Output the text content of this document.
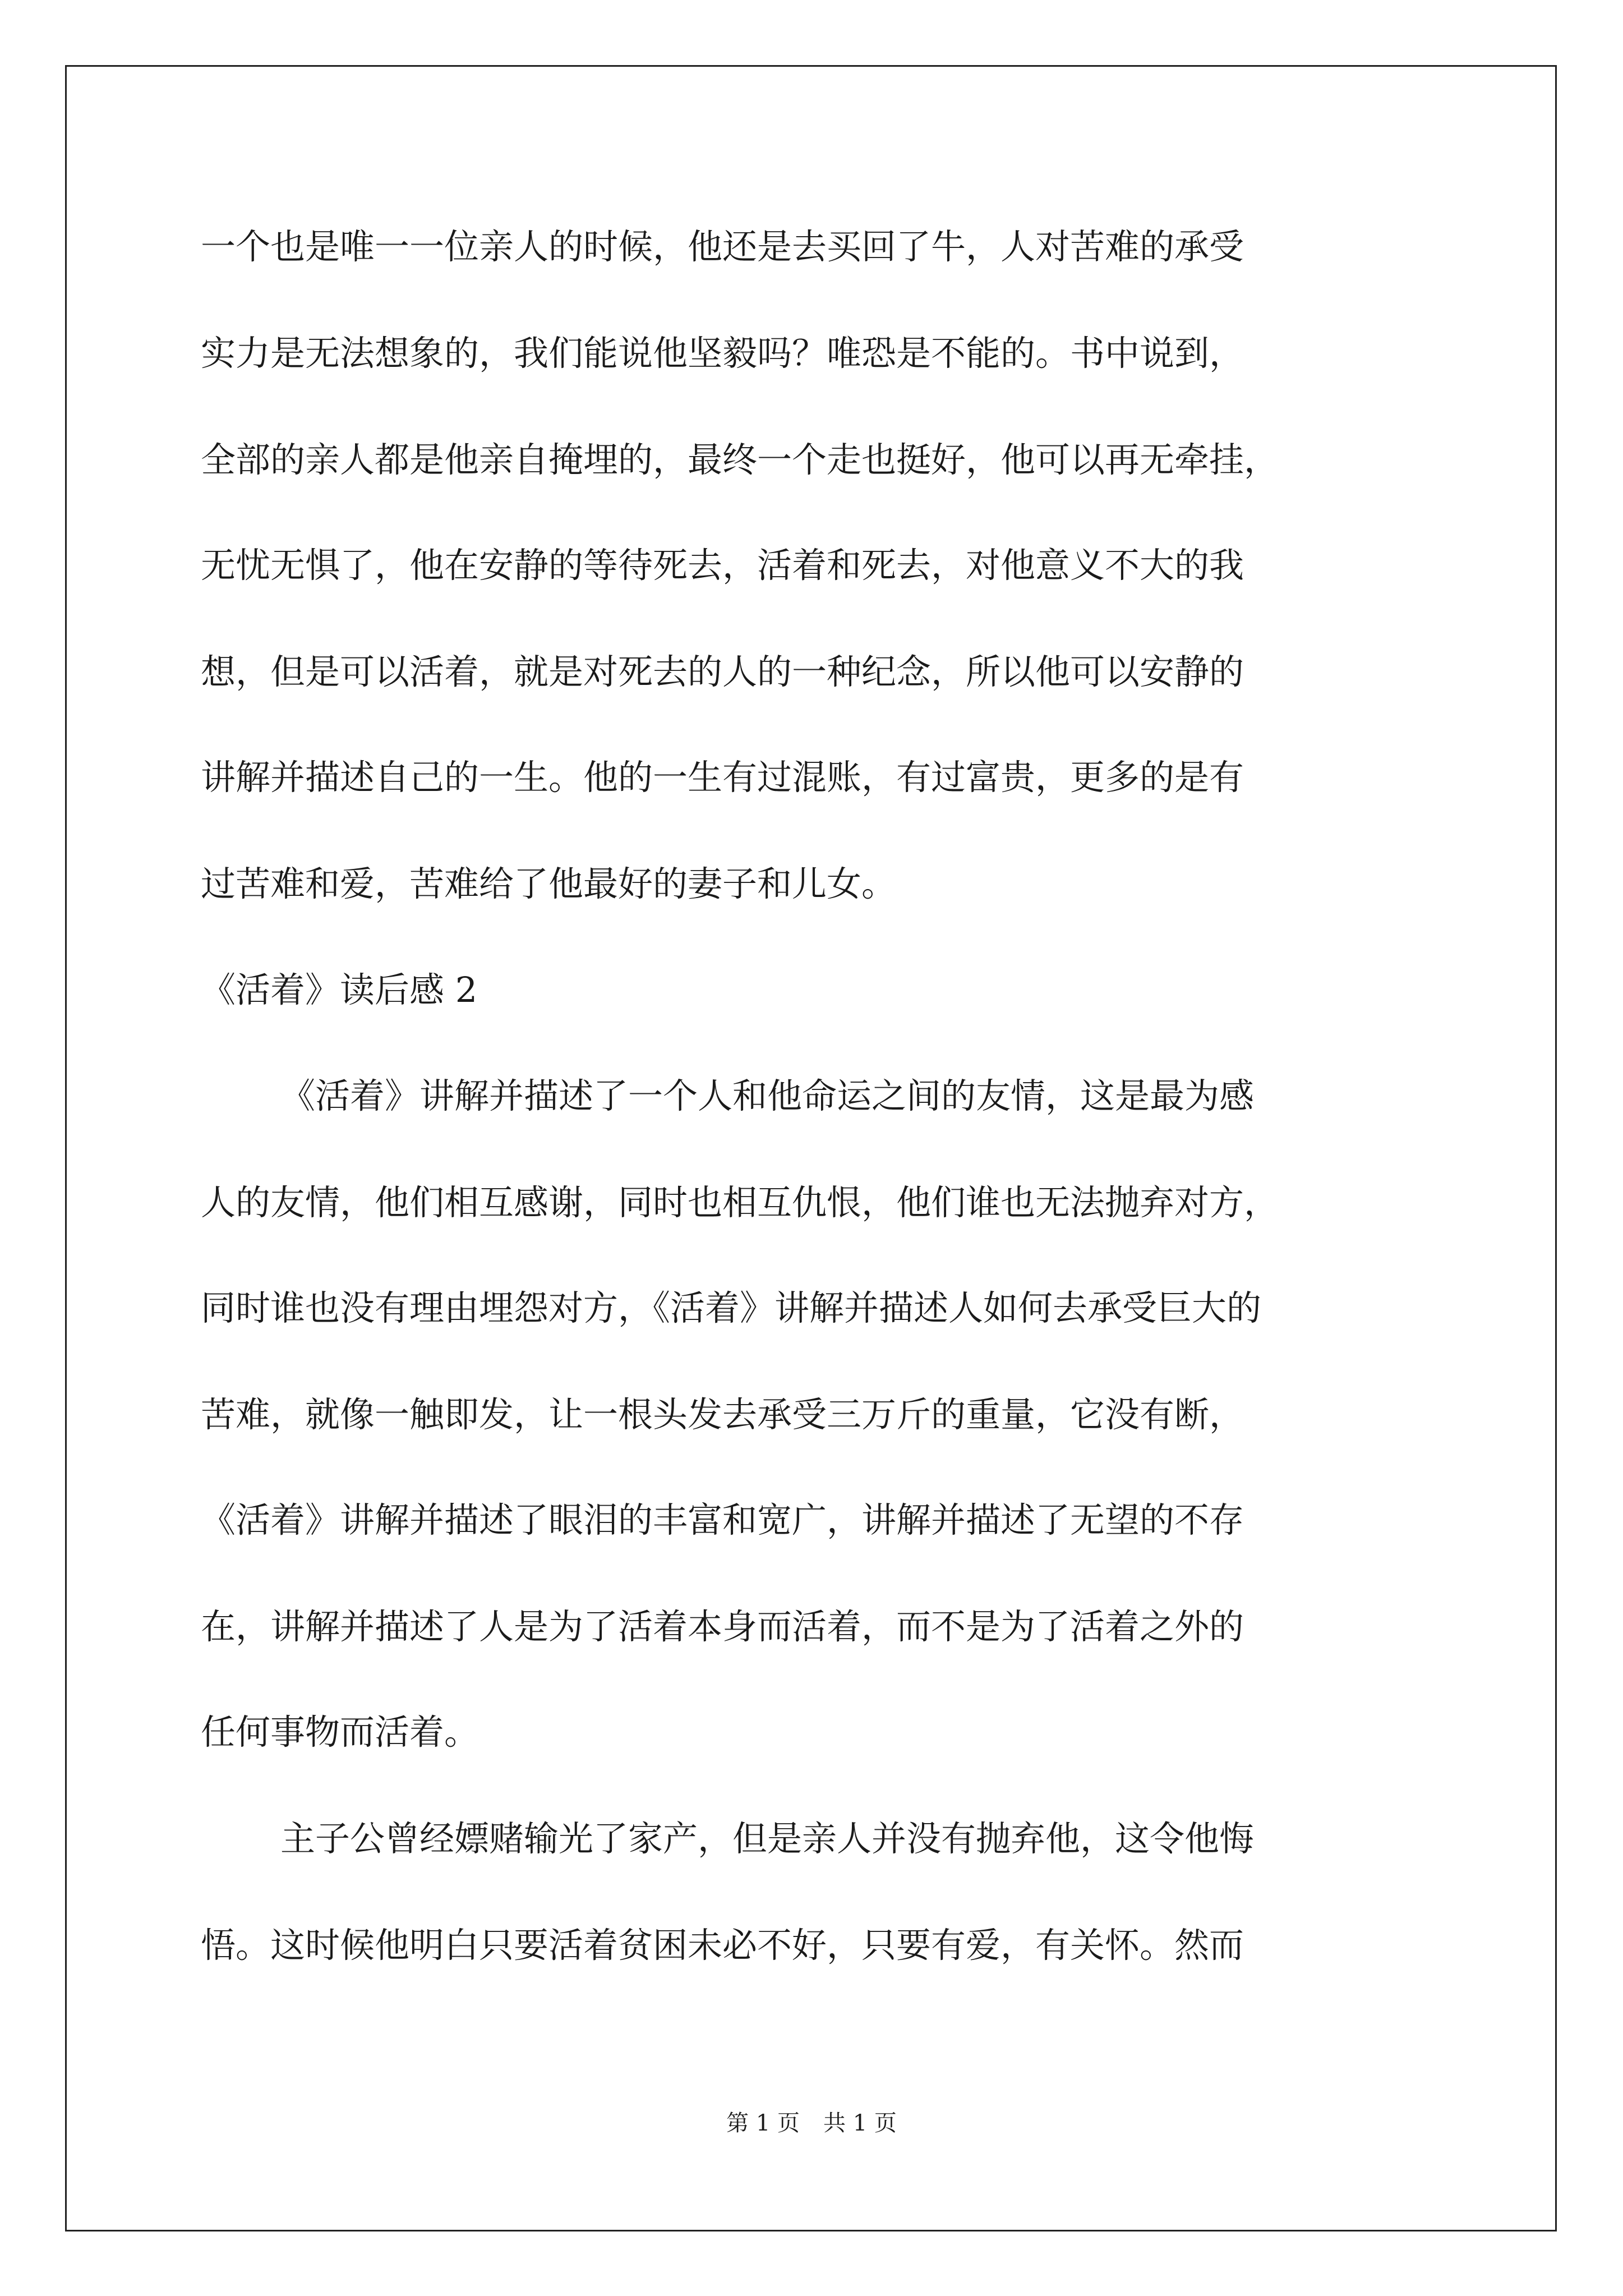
一个也是唯一一位亲人的时候，他还是去买回了牛，人对苦难的承受
实力是无法想象的，我们能说他坚毅吗？唯恐是不能的。书中说到，
全部的亲人都是他亲自掩埋的，最终一个走也挺好，他可以再无牵挂，
无忧无惧了，他在安静的等待死去，活着和死去，对他意义不大的我
想，但是可以活着，就是对死去的人的一种纪念，所以他可以安静的
讲解并描述自己的一生。他的一生有过混账，有过富贵，更多的是有
过苦难和爱，苦难给了他最好的妻子和儿女。
《活着》读后感 2
《活着》讲解并描述了一个人和他命运之间的友情，这是最为感
人的友情，他们相互感谢，同时也相互仇恨，他们谁也无法抛弃对方，
同时谁也没有理由埋怨对方，《活着》讲解并描述人如何去承受巨大的
苦难，就像一触即发，让一根头发去承受三万斤的重量，它没有断，
《活着》讲解并描述了眼泪的丰富和宽广，讲解并描述了无望的不存
在，讲解并描述了人是为了活着本身而活着，而不是为了活着之外的
任何事物而活着。
主子公曾经嫖赌输光了家产，但是亲人并没有抛弃他，这令他悔
悟。这时候他明白只要活着贫困未必不好，只要有爱，有关怀。然而
第 1 页 共 1 页
